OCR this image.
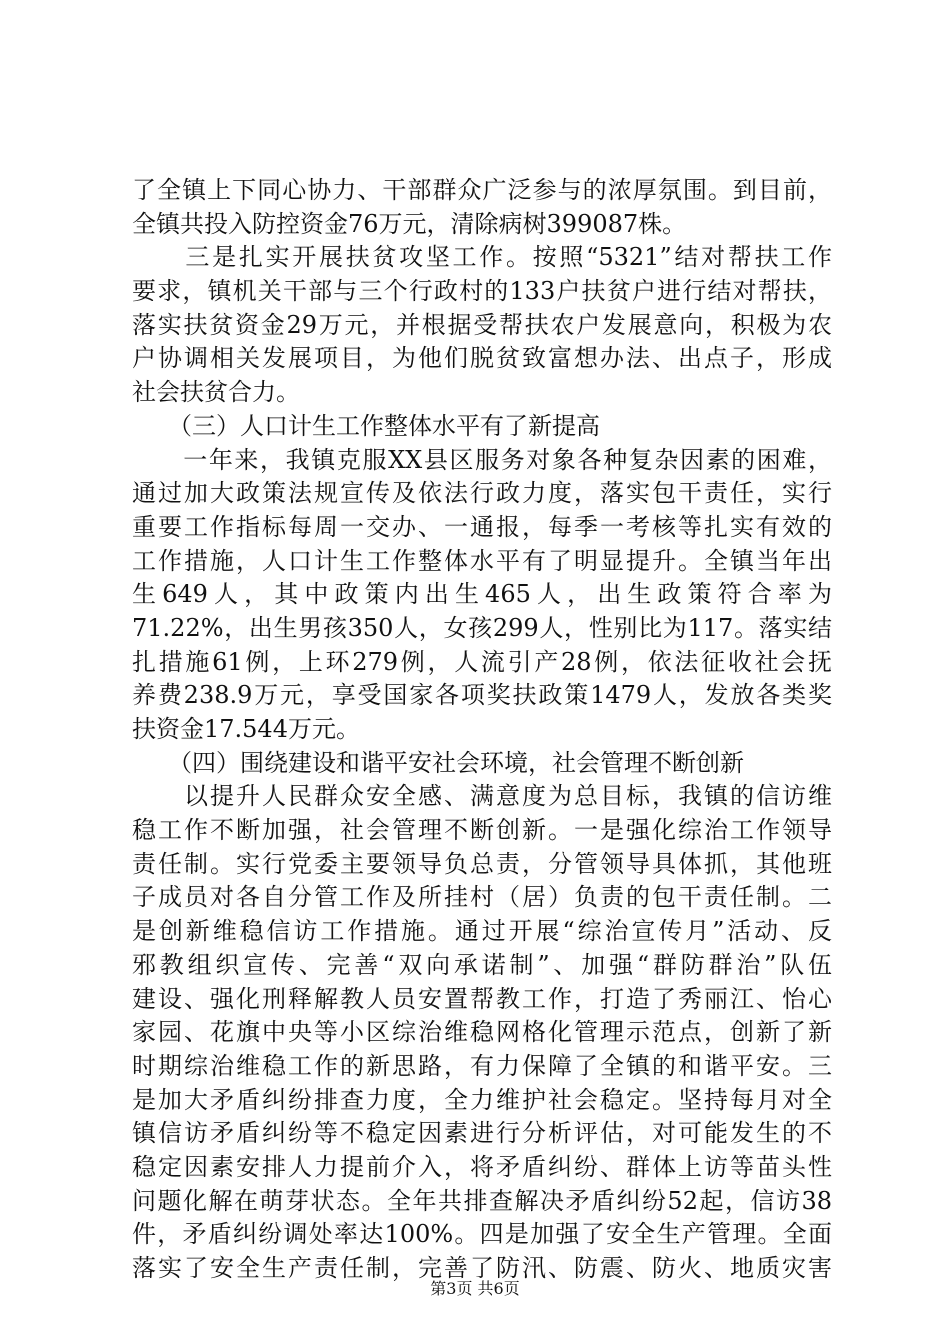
了全镇上下同心协力、干部群众广泛参与的浓厚氛围。到目前，
全镇共投入防控资金76万元，清除病树399087株。
　　三是扎实开展扶贫攻坚工作。按照“5321”结对帮扶工作
要求，镇机关干部与三个行政村的133户扶贫户进行结对帮扶，
落实扶贫资金29万元，并根据受帮扶农户发展意向，积极为农
户协调相关发展项目，为他们脱贫致富想办法、出点子，形成
社会扶贫合力。
　　（三）人口计生工作整体水平有了新提高
　　一年来，我镇克服XX县区服务对象各种复杂因素的困难，
通过加大政策法规宣传及依法行政力度，落实包干责任，实行
重要工作指标每周一交办、一通报，每季一考核等扎实有效的
工作措施，人口计生工作整体水平有了明显提升。全镇当年出
生649人，其中政策内出生465人，出生政策符合率为
71.22%，出生男孩350人，女孩299人，性别比为117。落实结
扎措施61例，上环279例，人流引产28例，依法征收社会抚
养费238.9万元，享受国家各项奖扶政策1479人，发放各类奖
扶资金17.544万元。
　　（四）围绕建设和谐平安社会环境，社会管理不断创新
　　以提升人民群众安全感、满意度为总目标，我镇的信访维
稳工作不断加强，社会管理不断创新。一是强化综治工作领导
责任制。实行党委主要领导负总责，分管领导具体抓，其他班
子成员对各自分管工作及所挂村（居）负责的包干责任制。二
是创新维稳信访工作措施。通过开展“综治宣传月”活动、反
邪教组织宣传、完善“双向承诺制”、加强“群防群治”队伍
建设、强化刑释解教人员安置帮教工作，打造了秀丽江、怡心
家园、花旗中央等小区综治维稳网格化管理示范点，创新了新
时期综治维稳工作的新思路，有力保障了全镇的和谐平安。三
是加大矛盾纠纷排查力度，全力维护社会稳定。坚持每月对全
镇信访矛盾纠纷等不稳定因素进行分析评估，对可能发生的不
稳定因素安排人力提前介入，将矛盾纠纷、群体上访等苗头性
问题化解在萌芽状态。全年共排查解决矛盾纠纷52起，信访38
件，矛盾纠纷调处率达100%。四是加强了安全生产管理。全面
落实了安全生产责任制，完善了防汛、防震、防火、地质灾害
第3页 共6页
